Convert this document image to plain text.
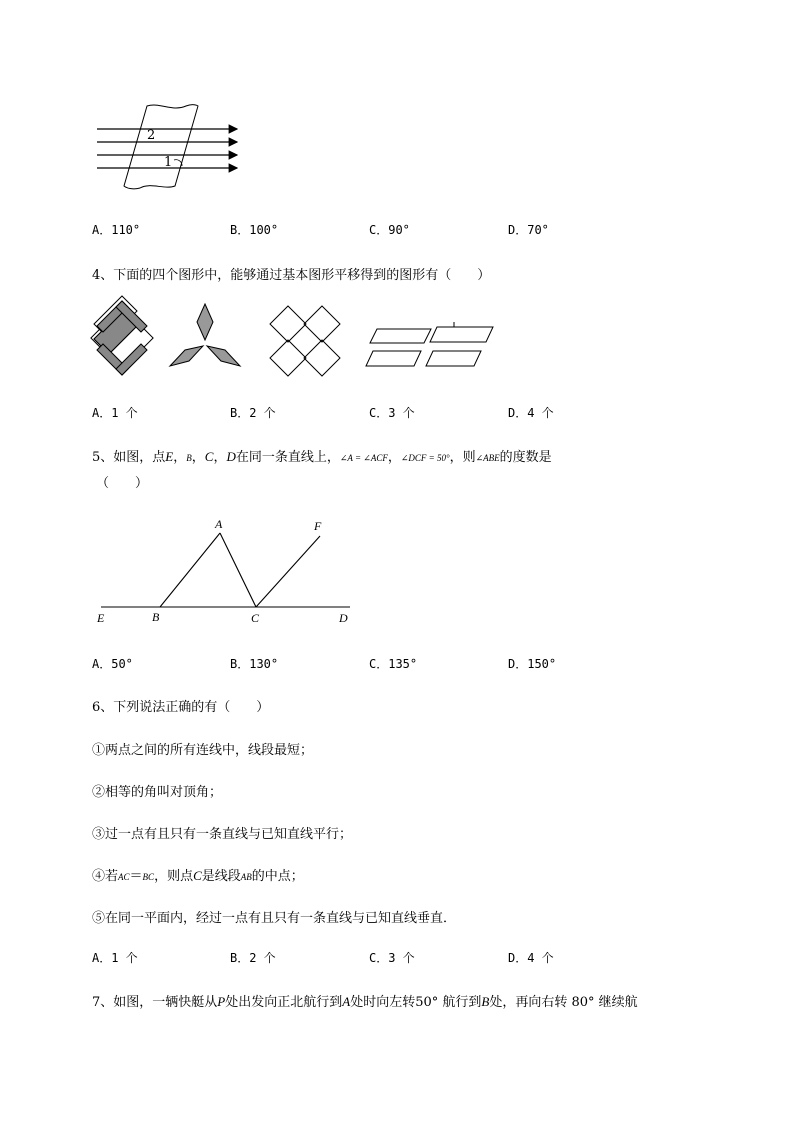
2
1
A．110°	B．100°	C．90°	D．70°
4、下面的四个图形中，能够通过基本图形平移得到的图形有（　　）
A．1 个	B．2 个	C．3 个	D．4 个
5、如图，点E，B，C，D在同一条直线上，∠A = ∠ACF，∠DCF = 50°，则∠ABE的度数是
（　　）
A	F
E	B	C	D
A．50°	B．130°	C．135°	D．150°
6、下列说法正确的有（　　）
①两点之间的所有连线中，线段最短；
②相等的角叫对顶角；
③过一点有且只有一条直线与已知直线平行；
④若AC＝BC，则点C是线段AB的中点；
⑤在同一平面内，经过一点有且只有一条直线与已知直线垂直．
A．1 个	B．2 个	C．3 个	D．4 个
7、如图，一辆快艇从P处出发向正北航行到A处时向左转50° 航行到B处，再向右转 80° 继续航
